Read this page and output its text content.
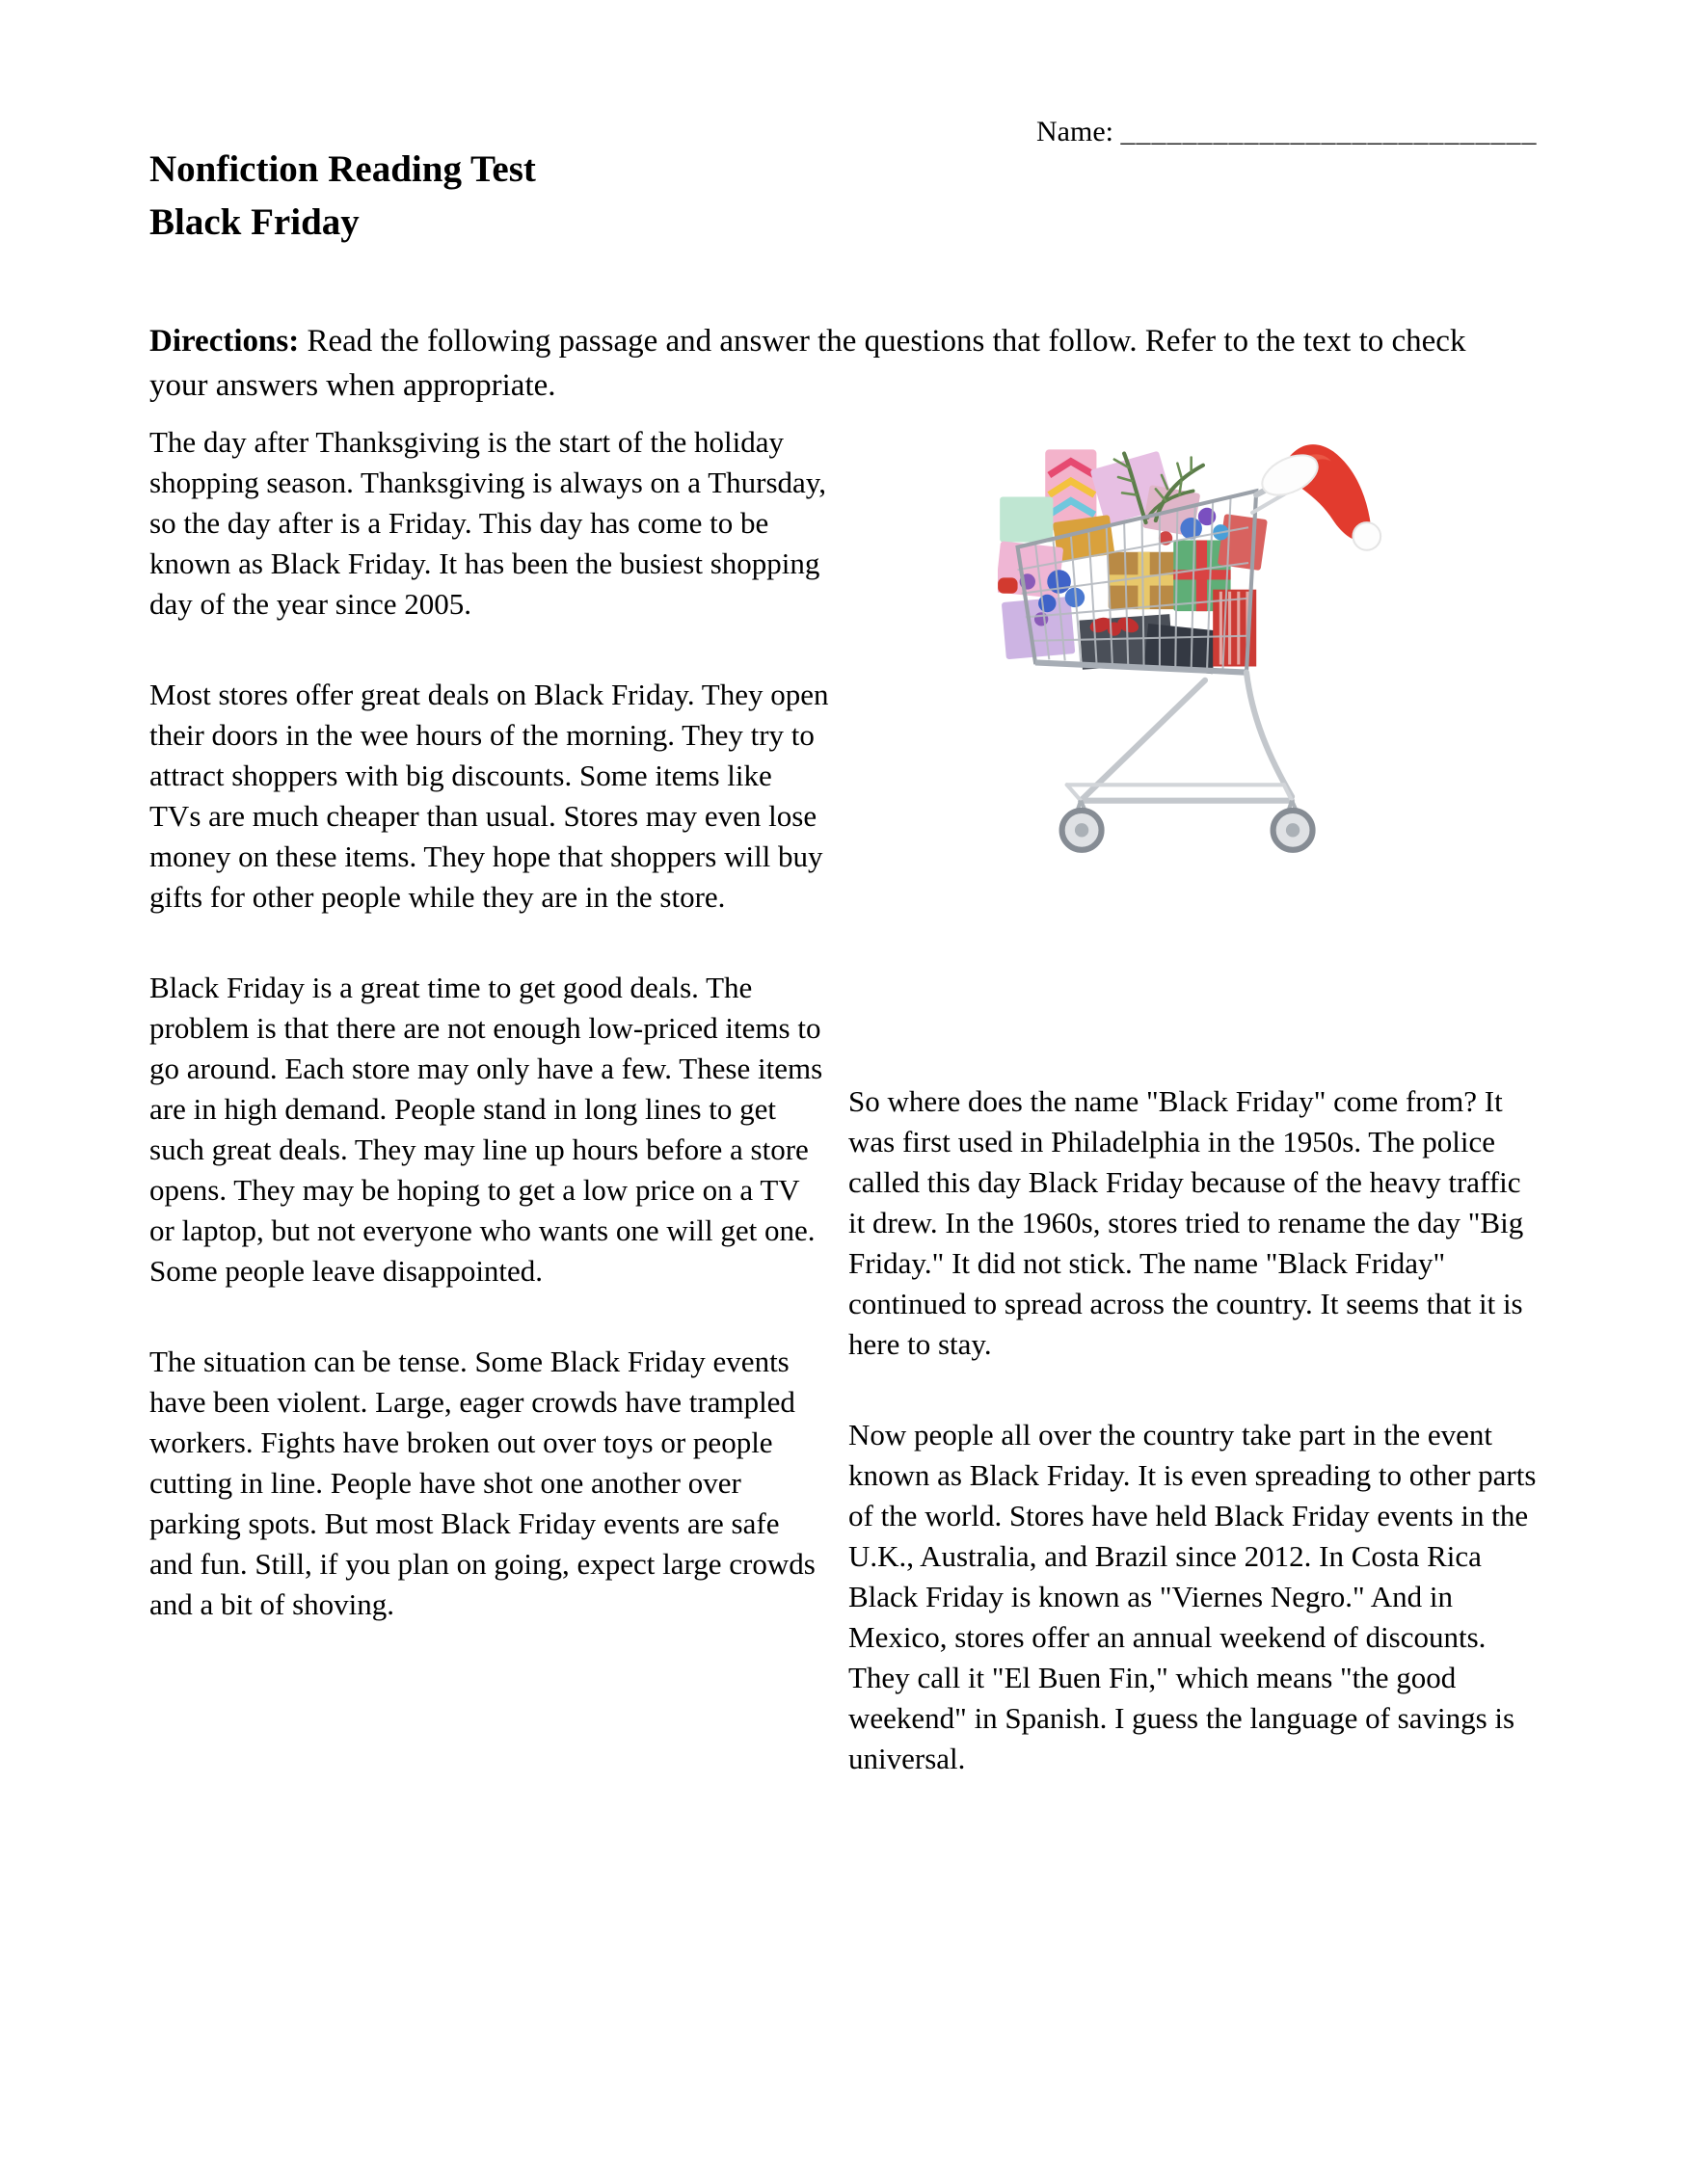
Name: ___________________________
Nonfiction Reading Test
Black Friday

Directions: Read the following passage and answer the questions that follow. Refer to the text to check your answers when appropriate.

The day after Thanksgiving is the start of the holiday shopping season. Thanksgiving is always on a Thursday, so the day after is a Friday. This day has come to be known as Black Friday. It has been the busiest shopping day of the year since 2005.

Most stores offer great deals on Black Friday. They open their doors in the wee hours of the morning. They try to attract shoppers with big discounts. Some items like TVs are much cheaper than usual. Stores may even lose money on these items. They hope that shoppers will buy gifts for other people while they are in the store.

Black Friday is a great time to get good deals. The problem is that there are not enough low-priced items to go around. Each store may only have a few. These items are in high demand. People stand in long lines to get such great deals. They may line up hours before a store opens. They may be hoping to get a low price on a TV or laptop, but not everyone who wants one will get one. Some people leave disappointed.

The situation can be tense. Some Black Friday events have been violent. Large, eager crowds have trampled workers. Fights have broken out over toys or people cutting in line. People have shot one another over parking spots. But most Black Friday events are safe and fun. Still, if you plan on going, expect large crowds and a bit of shoving.

So where does the name "Black Friday" come from? It was first used in Philadelphia in the 1950s. The police called this day Black Friday because of the heavy traffic it drew. In the 1960s, stores tried to rename the day "Big Friday." It did not stick. The name "Black Friday" continued to spread across the country. It seems that it is here to stay.

Now people all over the country take part in the event known as Black Friday. It is even spreading to other parts of the world. Stores have held Black Friday events in the U.K., Australia, and Brazil since 2012. In Costa Rica Black Friday is known as "Viernes Negro." And in Mexico, stores offer an annual weekend of discounts. They call it "El Buen Fin," which means "the good weekend" in Spanish. I guess the language of savings is universal.
